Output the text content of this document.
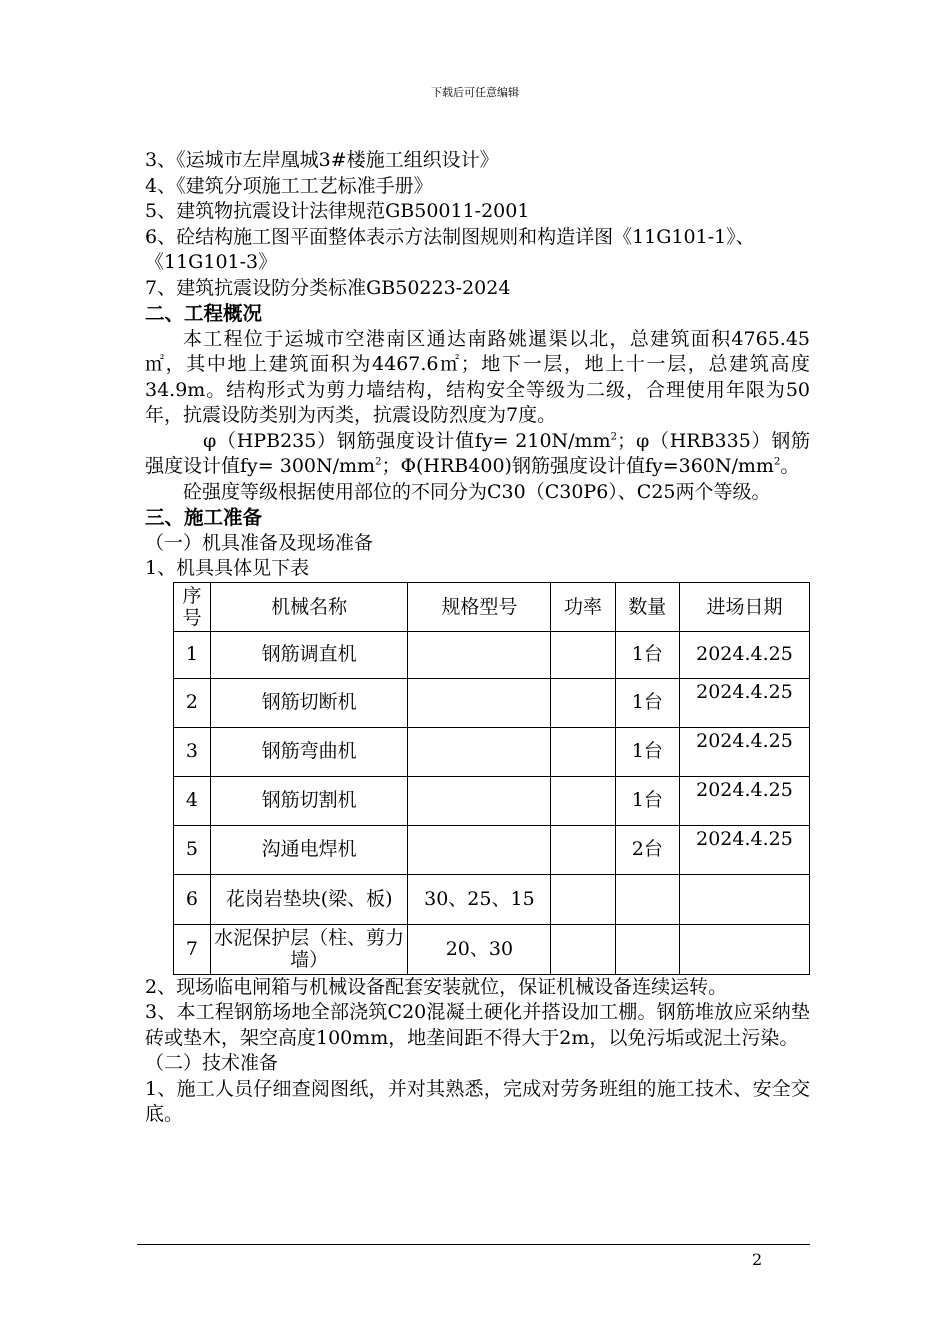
下载后可任意编辑

3、《运城市左岸凰城3#楼施工组织设计》

4、《建筑分项施工工艺标准手册》

5、建筑物抗震设计法律规范GB50011-2001

6、砼结构施工图平面整体表示方法制图规则和构造详图《11G101-1》、《11G101-3》

7、建筑抗震设防分类标准GB50223-2024

二、工程概况

本工程位于运城市空港南区通达南路姚暹渠以北，总建筑面积4765.45㎡，其中地上建筑面积为4467.6㎡；地下一层，地上十一层，总建筑高度34.9m。结构形式为剪力墙结构，结构安全等级为二级，合理使用年限为50年，抗震设防类别为丙类，抗震设防烈度为7度。

φ（HPB235）钢筋强度设计值$fy= 210N/mm^2$；φ（HRB335）钢筋强度设计值$fy= 300N/mm^2$；Φ(HRB400)钢筋强度设计值$fy=360N/mm^2$。

砼强度等级根据使用部位的不同分为C30（C30P6）、C25两个等级。

三、施工准备

（一）机具准备及现场准备

1、机具具体见下表

序号	机械名称	规格型号	功率	数量	进场日期
1	钢筋调直机			1台	2024.4.25
2	钢筋切断机			1台	2024.4.25
3	钢筋弯曲机			1台	2024.4.25
4	钢筋切割机			1台	2024.4.25
5	沟通电焊机			2台	2024.4.25
6	花岗岩垫块(梁、板)	30、25、15			
7	水泥保护层（柱、剪力墙）	20、30			

2、现场临电闸箱与机械设备配套安装就位，保证机械设备连续运转。

3、本工程钢筋场地全部浇筑C20混凝土硬化并搭设加工棚。钢筋堆放应采纳垫砖或垫木，架空高度100mm，地垄间距不得大于2m，以免污垢或泥土污染。

（二）技术准备

1、施工人员仔细查阅图纸，并对其熟悉，完成对劳务班组的施工技术、安全交底。

2
